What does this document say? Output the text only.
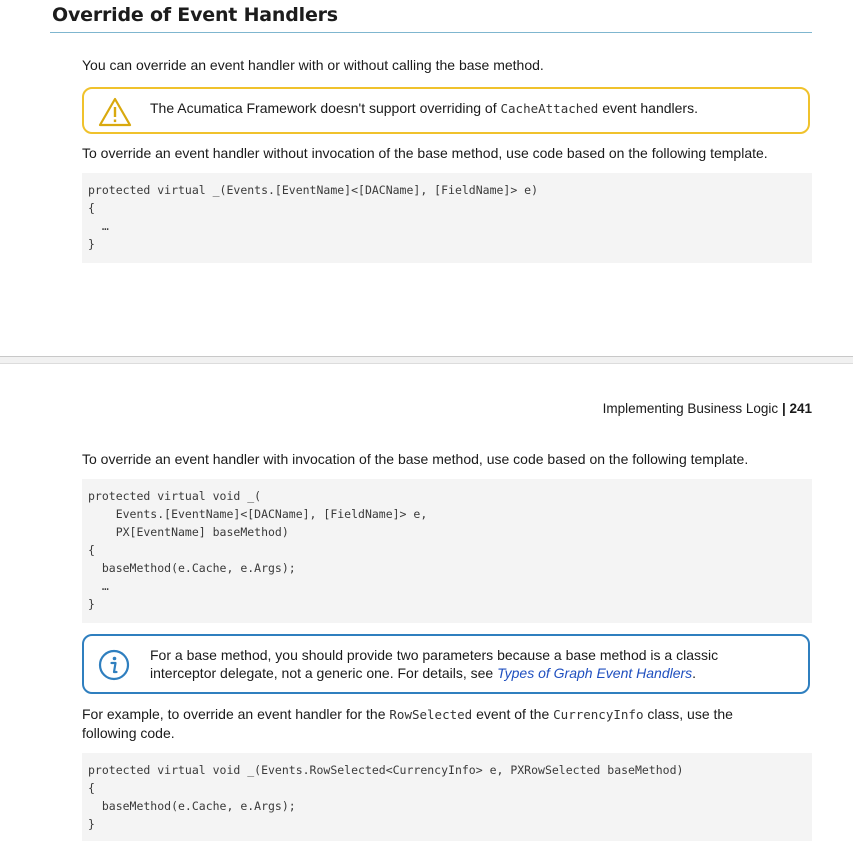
Override of Event Handlers
You can override an event handler with or without calling the base method.
The Acumatica Framework doesn't support overriding of CacheAttached event handlers.
To override an event handler without invocation of the base method, use code based on the following template.
protected virtual _(Events.[EventName]<[DACName], [FieldName]> e)
{
…
}
Implementing Business Logic | 241
To override an event handler with invocation of the base method, use code based on the following template.
protected virtual void _(
Events.[EventName]<[DACName], [FieldName]> e,
PX[EventName] baseMethod)
{
baseMethod(e.Cache, e.Args);
…
}
For a base method, you should provide two parameters because a base method is a classic
interceptor delegate, not a generic one. For details, see Types of Graph Event Handlers.
For example, to override an event handler for the RowSelected event of the CurrencyInfo class, use the
following code.
protected virtual void _(Events.RowSelected<CurrencyInfo> e, PXRowSelected baseMethod)
{
baseMethod(e.Cache, e.Args);
}
